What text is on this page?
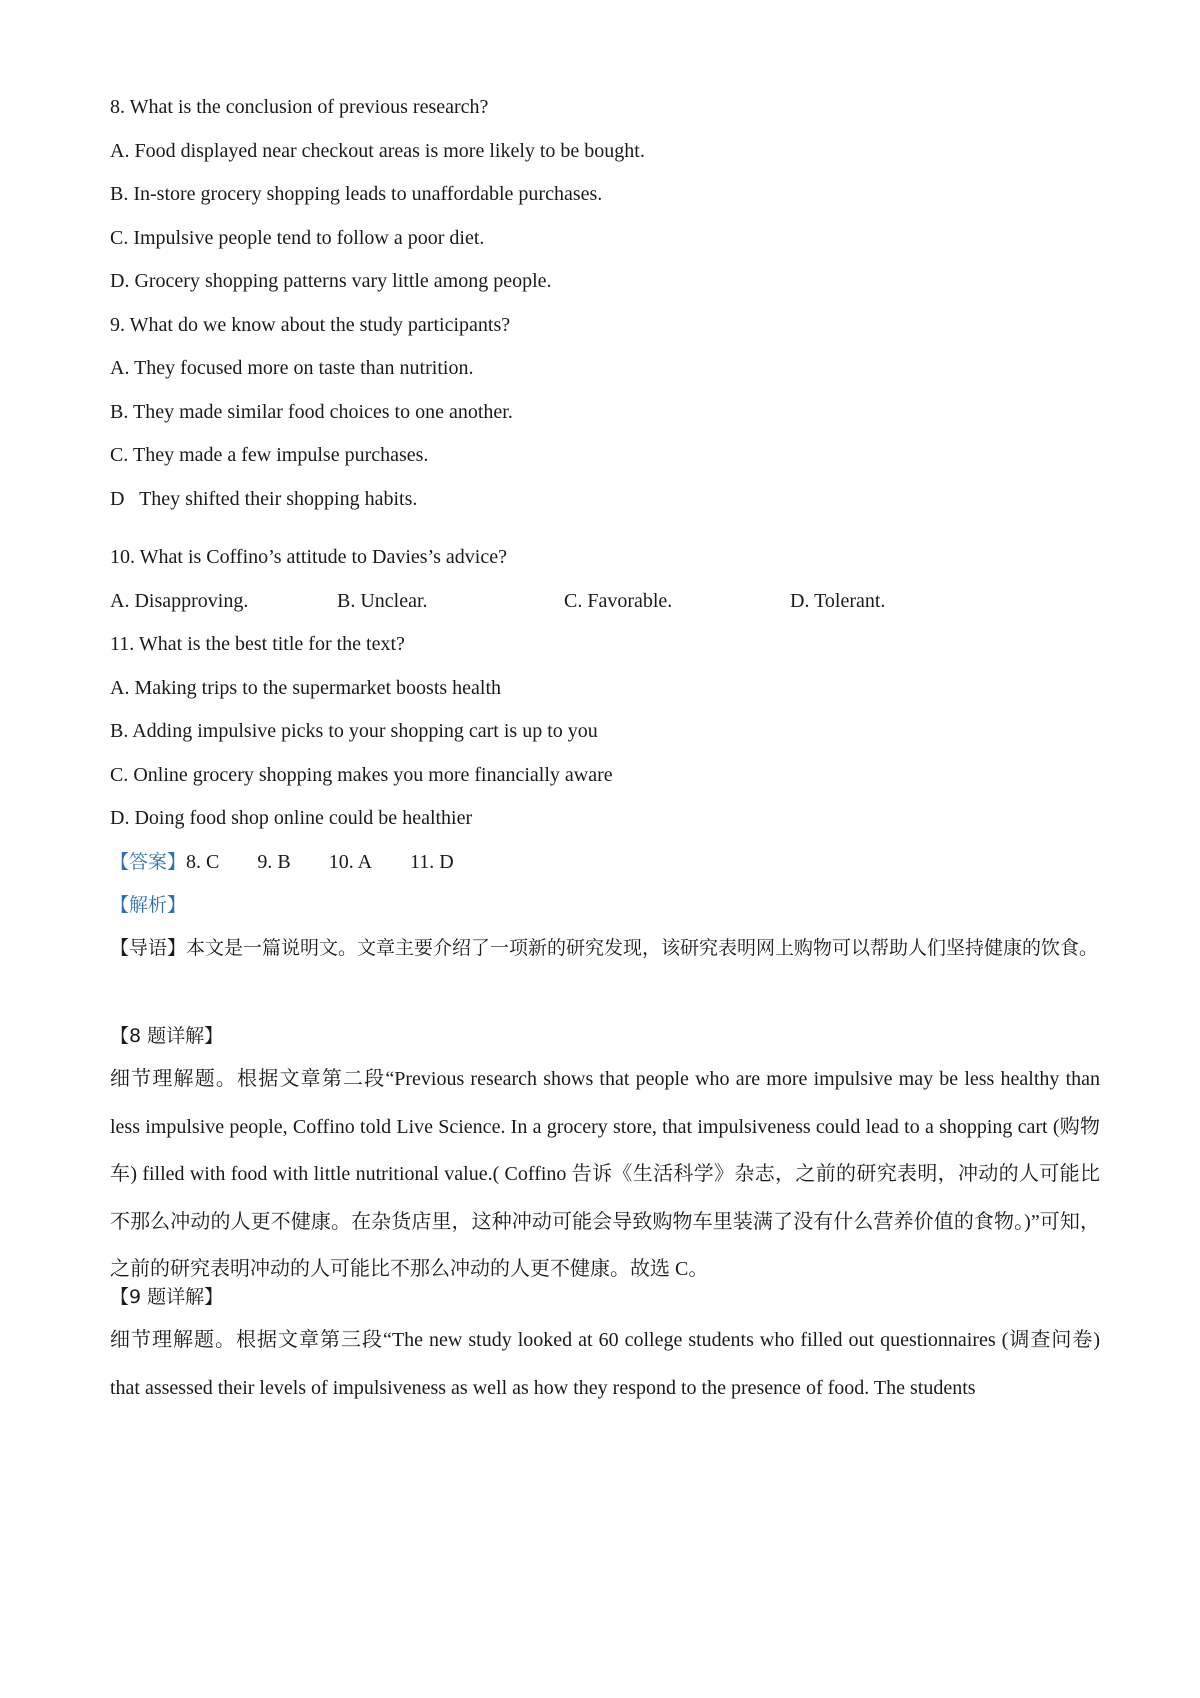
8. What is the conclusion of previous research?
A. Food displayed near checkout areas is more likely to be bought.
B. In-store grocery shopping leads to unaffordable purchases.
C. Impulsive people tend to follow a poor diet.
D. Grocery shopping patterns vary little among people.
9. What do we know about the study participants?
A. They focused more on taste than nutrition.
B. They made similar food choices to one another.
C. They made a few impulse purchases.
D   They shifted their shopping habits.
10. What is Coffino’s attitude to Davies’s advice?
A. Disapproving.	B. Unclear.	C. Favorable.	D. Tolerant.
11. What is the best title for the text?
A. Making trips to the supermarket boosts health
B. Adding impulsive picks to your shopping cart is up to you
C. Online grocery shopping makes you more financially aware
D. Doing food shop online could be healthier
【答案】8. C 9. B 10. A 11. D
【解析】
【导语】本文是一篇说明文。文章主要介绍了一项新的研究发现，该研究表明网上购物可以帮助人们坚持健康的饮食。
【8 题详解】
细节理解题。根据文章第二段“Previous research shows that people who are more impulsive may be less healthy than less impulsive people, Coffino told Live Science. In a grocery store, that impulsiveness could lead to a shopping cart (购物车) filled with food with little nutritional value.( Coffino 告诉《生活科学》杂志，之前的研究表明，冲动的人可能比不那么冲动的人更不健康。在杂货店里，这种冲动可能会导致购物车里装满了没有什么营养价值的食物。)”可知，之前的研究表明冲动的人可能比不那么冲动的人更不健康。故选 C。
【9 题详解】
细节理解题。根据文章第三段“The new study looked at 60 college students who filled out questionnaires (调查问卷) that assessed their levels of impulsiveness as well as how they respond to the presence of food. The students
